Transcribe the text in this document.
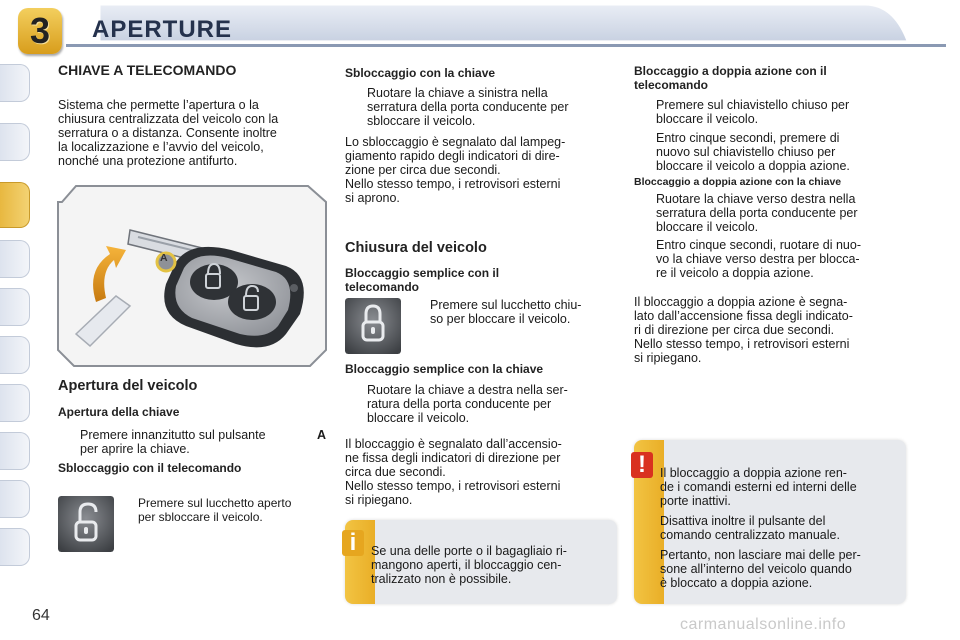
3 APERTURE
CHIAVE A TELECOMANDO
Sistema che permette l’apertura o la
chiusura centralizzata del veicolo con la
serratura o a distanza. Consente inoltre
la localizzazione e l’avvio del veicolo,
nonché una protezione antifurto.
A
Apertura del veicolo
Apertura della chiave
Premere innanzitutto sul pulsante	A
per aprire la chiave.
Sbloccaggio con il telecomando
Premere sul lucchetto aperto
per sbloccare il veicolo.
64
Sbloccaggio con la chiave
Ruotare la chiave a sinistra nella
serratura della porta conducente per
sbloccare il veicolo.
Lo sbloccaggio è segnalato dal lampeg-
giamento rapido degli indicatori di dire-
zione per circa due secondi.
Nello stesso tempo, i retrovisori esterni
si aprono.
Chiusura del veicolo
Bloccaggio semplice con il
telecomando
Premere sul lucchetto chiu-
so per bloccare il veicolo.
Bloccaggio semplice con la chiave
Ruotare la chiave a destra nella ser-
ratura della porta conducente per
bloccare il veicolo.
Il bloccaggio è segnalato dall’accensio-
ne fissa degli indicatori di direzione per
circa due secondi.
Nello stesso tempo, i retrovisori esterni
si ripiegano.
i	Se una delle porte o il bagagliaio ri-
mangono aperti, il bloccaggio cen-
tralizzato non è possibile.
Bloccaggio a doppia azione con il
telecomando
Premere sul chiavistello chiuso per
bloccare il veicolo.
Entro cinque secondi, premere di
nuovo sul chiavistello chiuso per
bloccare il veicolo a doppia azione.
Bloccaggio a doppia azione con la chiave
Ruotare la chiave verso destra nella
serratura della porta conducente per
bloccare il veicolo.
Entro cinque secondi, ruotare di nuo-
vo la chiave verso destra per blocca-
re il veicolo a doppia azione.
Il bloccaggio a doppia azione è segna-
lato dall’accensione fissa degli indicato-
ri di direzione per circa due secondi.
Nello stesso tempo, i retrovisori esterni
si ripiegano.
!	Il bloccaggio a doppia azione ren-
de i comandi esterni ed interni delle
porte inattivi.
Disattiva inoltre il pulsante del
comando centralizzato manuale.
Pertanto, non lasciare mai delle per-
sone all’interno del veicolo quando
è bloccato a doppia azione.
carmanualsonline.info
